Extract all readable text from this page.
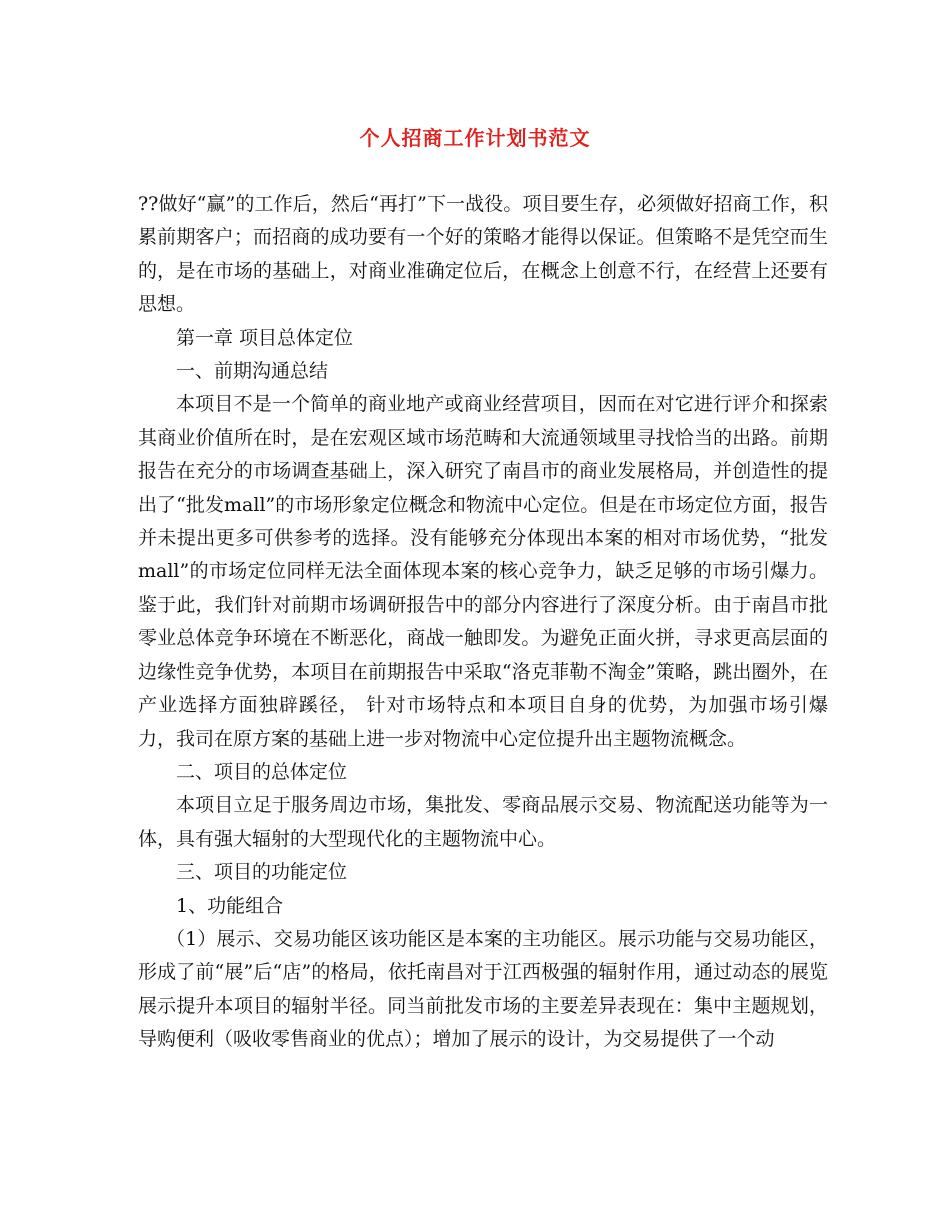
个人招商工作计划书范文

??做好“赢”的工作后，然后“再打”下一战役。项目要生存，必须做好招商工作，积累前期客户；而招商的成功要有一个好的策略才能得以保证。但策略不是凭空而生的，是在市场的基础上，对商业准确定位后，在概念上创意不行，在经营上还要有思想。

第一章 项目总体定位

一、前期沟通总结

本项目不是一个简单的商业地产或商业经营项目，因而在对它进行评介和探索其商业价值所在时，是在宏观区域市场范畴和大流通领域里寻找恰当的出路。前期报告在充分的市场调查基础上，深入研究了南昌市的商业发展格局，并创造性的提出了“批发mall”的市场形象定位概念和物流中心定位。但是在市场定位方面，报告并未提出更多可供参考的选择。没有能够充分体现出本案的相对市场优势，“批发mall”的市场定位同样无法全面体现本案的核心竞争力，缺乏足够的市场引爆力。鉴于此，我们针对前期市场调研报告中的部分内容进行了深度分析。由于南昌市批零业总体竞争环境在不断恶化，商战一触即发。为避免正面火拼，寻求更高层面的边缘性竞争优势，本项目在前期报告中采取“洛克菲勒不淘金”策略，跳出圈外，在产业选择方面独辟蹊径， 针对市场特点和本项目自身的优势，为加强市场引爆力，我司在原方案的基础上进一步对物流中心定位提升出主题物流概念。

二、项目的总体定位

本项目立足于服务周边市场，集批发、零商品展示交易、物流配送功能等为一体，具有强大辐射的大型现代化的主题物流中心。

三、项目的功能定位

1、功能组合

（1）展示、交易功能区该功能区是本案的主功能区。展示功能与交易功能区，形成了前“展”后“店”的格局，依托南昌对于江西极强的辐射作用，通过动态的展览展示提升本项目的辐射半径。同当前批发市场的主要差异表现在：集中主题规划，导购便利（吸收零售商业的优点）；增加了展示的设计，为交易提供了一个动
